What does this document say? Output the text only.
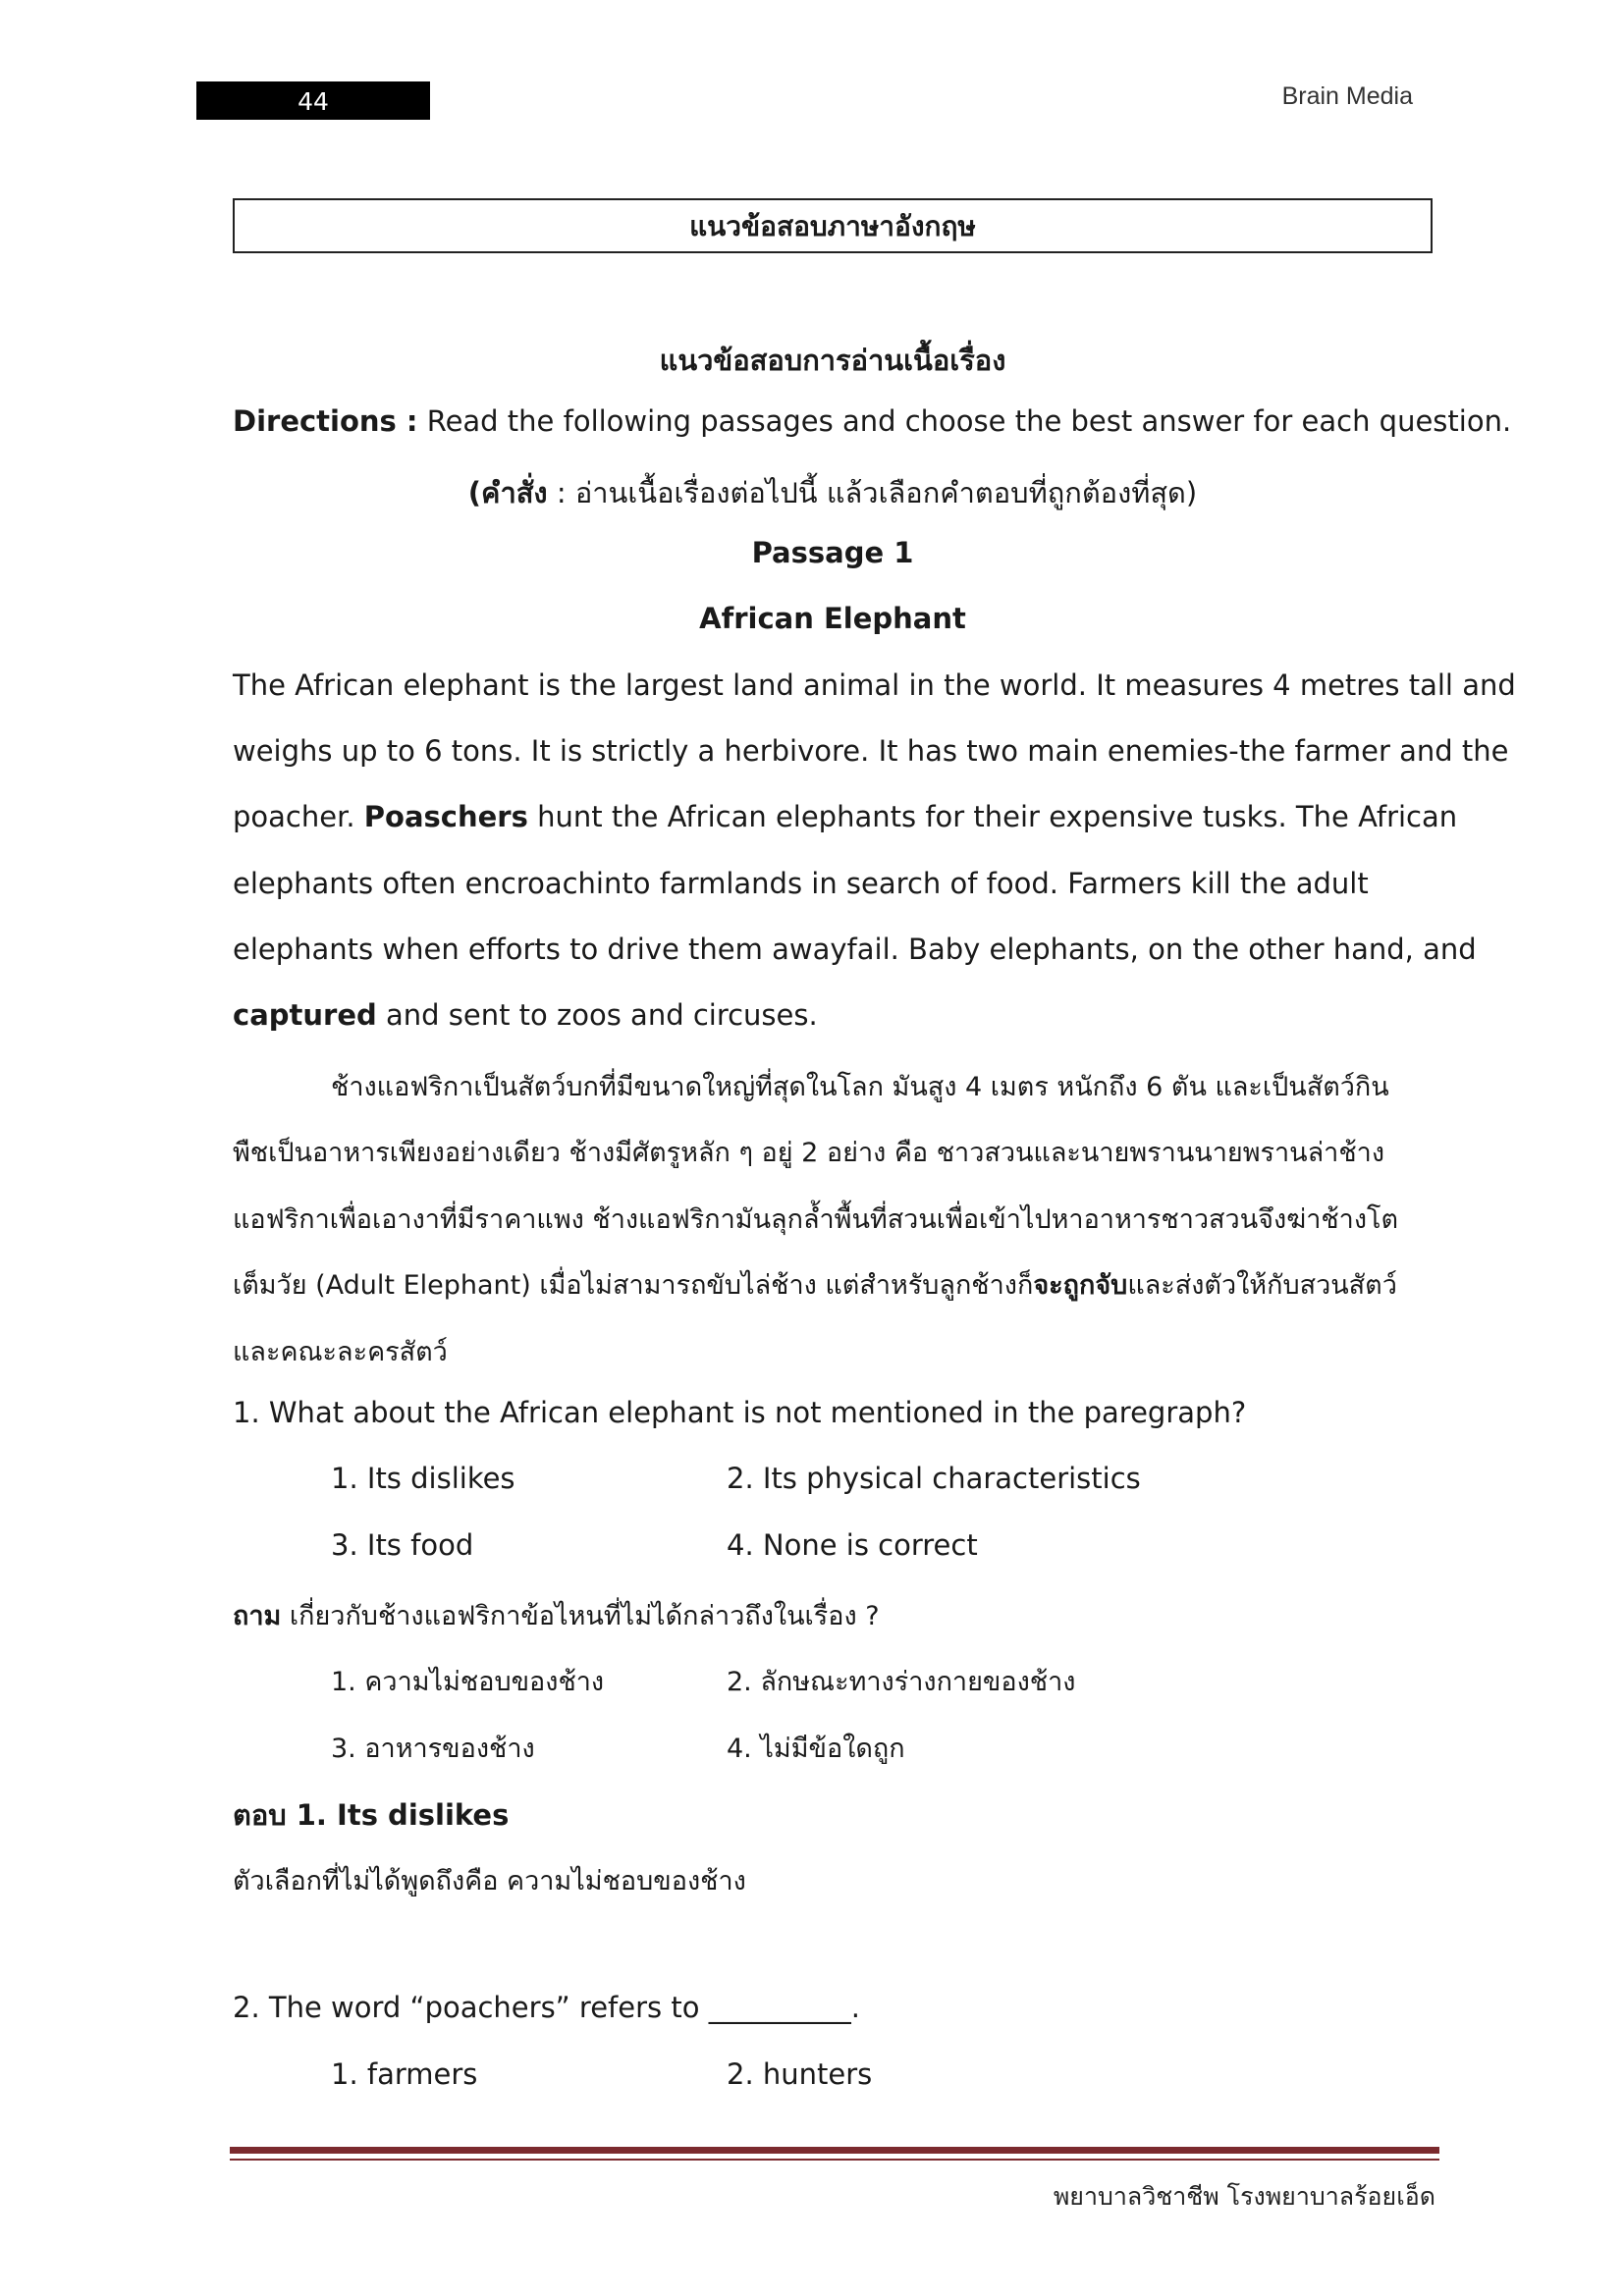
44	Brain Media
แนวข้อสอบภาษาอังกฤษ
แนวข้อสอบการอ่านเนื้อเรื่อง
Directions : Read the following passages and choose the best answer for each question.
(คำสั่ง : อ่านเนื้อเรื่องต่อไปนี้ แล้วเลือกคำตอบที่ถูกต้องที่สุด)
Passage 1
African Elephant
The African elephant is the largest land animal in the world. It measures 4 metres tall and
weighs up to 6 tons. It is strictly a herbivore. It has two main enemies-the farmer and the
poacher. Poaschers hunt the African elephants for their expensive tusks. The African
elephants often encroachinto farmlands in search of food. Farmers kill the adult
elephants when efforts to drive them awayfail. Baby elephants, on the other hand, and
captured and sent to zoos and circuses.
ช้างแอฟริกาเป็นสัตว์บกที่มีขนาดใหญ่ที่สุดในโลก มันสูง 4 เมตร หนักถึง 6 ตัน และเป็นสัตว์กิน
พืชเป็นอาหารเพียงอย่างเดียว ช้างมีศัตรูหลัก ๆ อยู่ 2 อย่าง คือ ชาวสวนและนายพรานนายพรานล่าช้าง
แอฟริกาเพื่อเอางาที่มีราคาแพง ช้างแอฟริกามันลุกล้ำพื้นที่สวนเพื่อเข้าไปหาอาหารชาวสวนจึงฆ่าช้างโต
เต็มวัย (Adult Elephant) เมื่อไม่สามารถขับไล่ช้าง แต่สำหรับลูกช้างก็จะถูกจับและส่งตัวให้กับสวนสัตว์
และคณะละครสัตว์
1. What about the African elephant is not mentioned in the paregraph?
1. Its dislikes	2. Its physical characteristics
3. Its food	4. None is correct
ถาม เกี่ยวกับช้างแอฟริกาข้อไหนที่ไม่ได้กล่าวถึงในเรื่อง ?
1. ความไม่ชอบของช้าง	2. ลักษณะทางร่างกายของช้าง
3. อาหารของช้าง	4. ไม่มีข้อใดถูก
ตอบ 1. Its dislikes
ตัวเลือกที่ไม่ได้พูดถึงคือ ความไม่ชอบของช้าง
2. The word “poachers” refers to __________.
1. farmers	2. hunters
พยาบาลวิชาชีพ โรงพยาบาลร้อยเอ็ด
